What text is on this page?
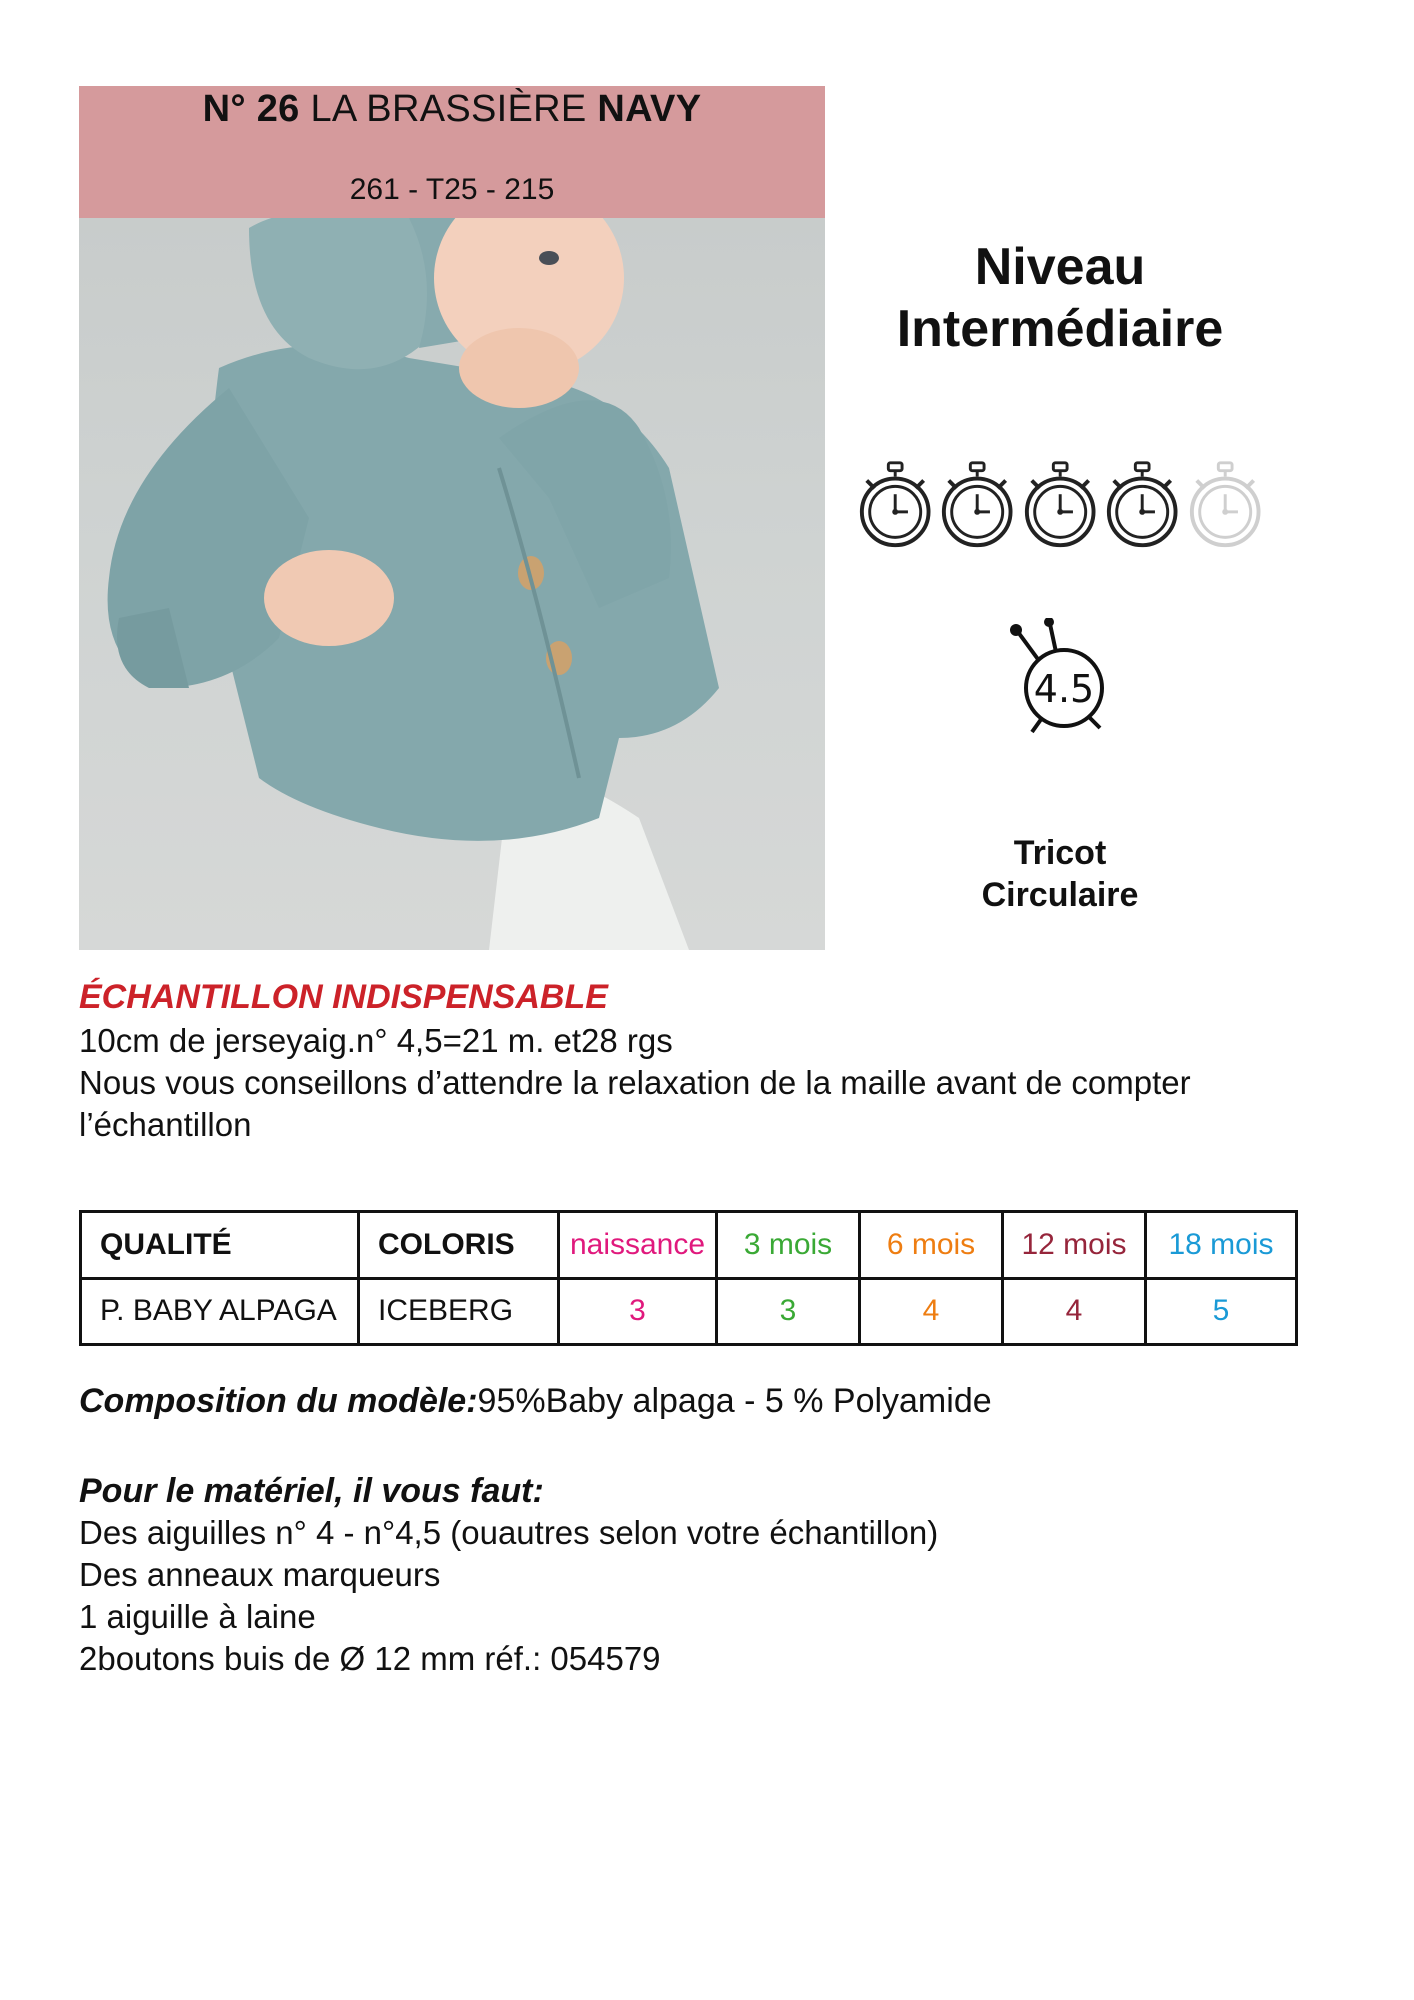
N° 26 LA BRASSIÈRE NAVY
261 - T25 - 215
Niveau
Intermédiaire
4.5
Tricot
Circulaire
ÉCHANTILLON INDISPENSABLE
10cm de jerseyaig.n° 4,5=21 m. et28 rgs
Nous vous conseillons d’attendre la relaxation de la maille avant de compter
l’échantillon
QUALITÉ	COLORIS	naissance	3 mois	6 mois	12 mois	18 mois
P. BABY ALPAGA	ICEBERG	3	3	4	4	5
Composition du modèle:95%Baby alpaga - 5 % Polyamide
Pour le matériel, il vous faut:
Des aiguilles n° 4 - n°4,5 (ouautres selon votre échantillon)
Des anneaux marqueurs
1 aiguille à laine
2boutons buis de Ø 12 mm réf.: 054579
